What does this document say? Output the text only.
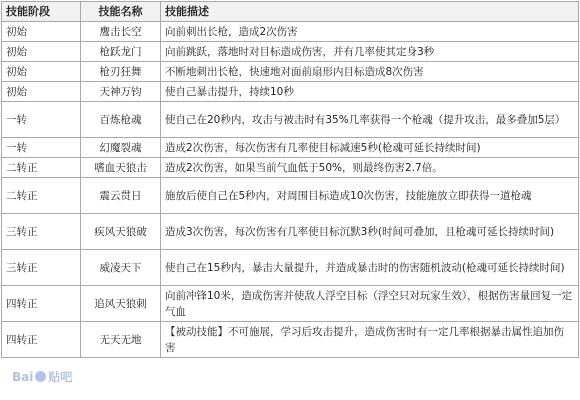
技能阶段	技能名称	技能描述
初始	鹰击长空	向前刺出长枪，造成2次伤害
初始	枪跃龙门	向前跳跃，落地时对目标造成伤害，并有几率使其定身3秒
初始	枪刃狂舞	不断地刺出长枪，快速地对面前扇形内目标造成8次伤害
初始	天神万钧	使自己暴击提升，持续10秒
一转	百炼枪魂	使自己在20秒内，攻击与被击时有35%几率获得一个枪魂（提升攻击，最多叠加5层）
一转	幻魔裂魂	造成2次伤害，每次伤害有几率使目标减速5秒(枪魂可延长持续时间)
二转正	嗜血天狼击	造成2次伤害，如果当前气血低于50%，则最终伤害2.7倍。
二转正	震云贯日	施放后使自己在5秒内，对周围目标造成10次伤害，技能施放立即获得一道枪魂
三转正	疾风天狼破	造成3次伤害，每次伤害有几率使目标沉默3秒(时间可叠加，且枪魂可延长持续时间)
三转正	威凌天下	使自己在15秒内，暴击大量提升，并造成暴击时的伤害随机波动(枪魂可延长持续时间)
四转正	追风天狼刺	向前冲锋10米，造成伤害并使敌人浮空目标（浮空只对玩家生效），根据伤害量回复一定气血
四转正	无天无地	【被动技能】不可施展，学习后攻击提升，造成伤害时有一定几率根据暴击属性追加伤害
Bai 贴吧
